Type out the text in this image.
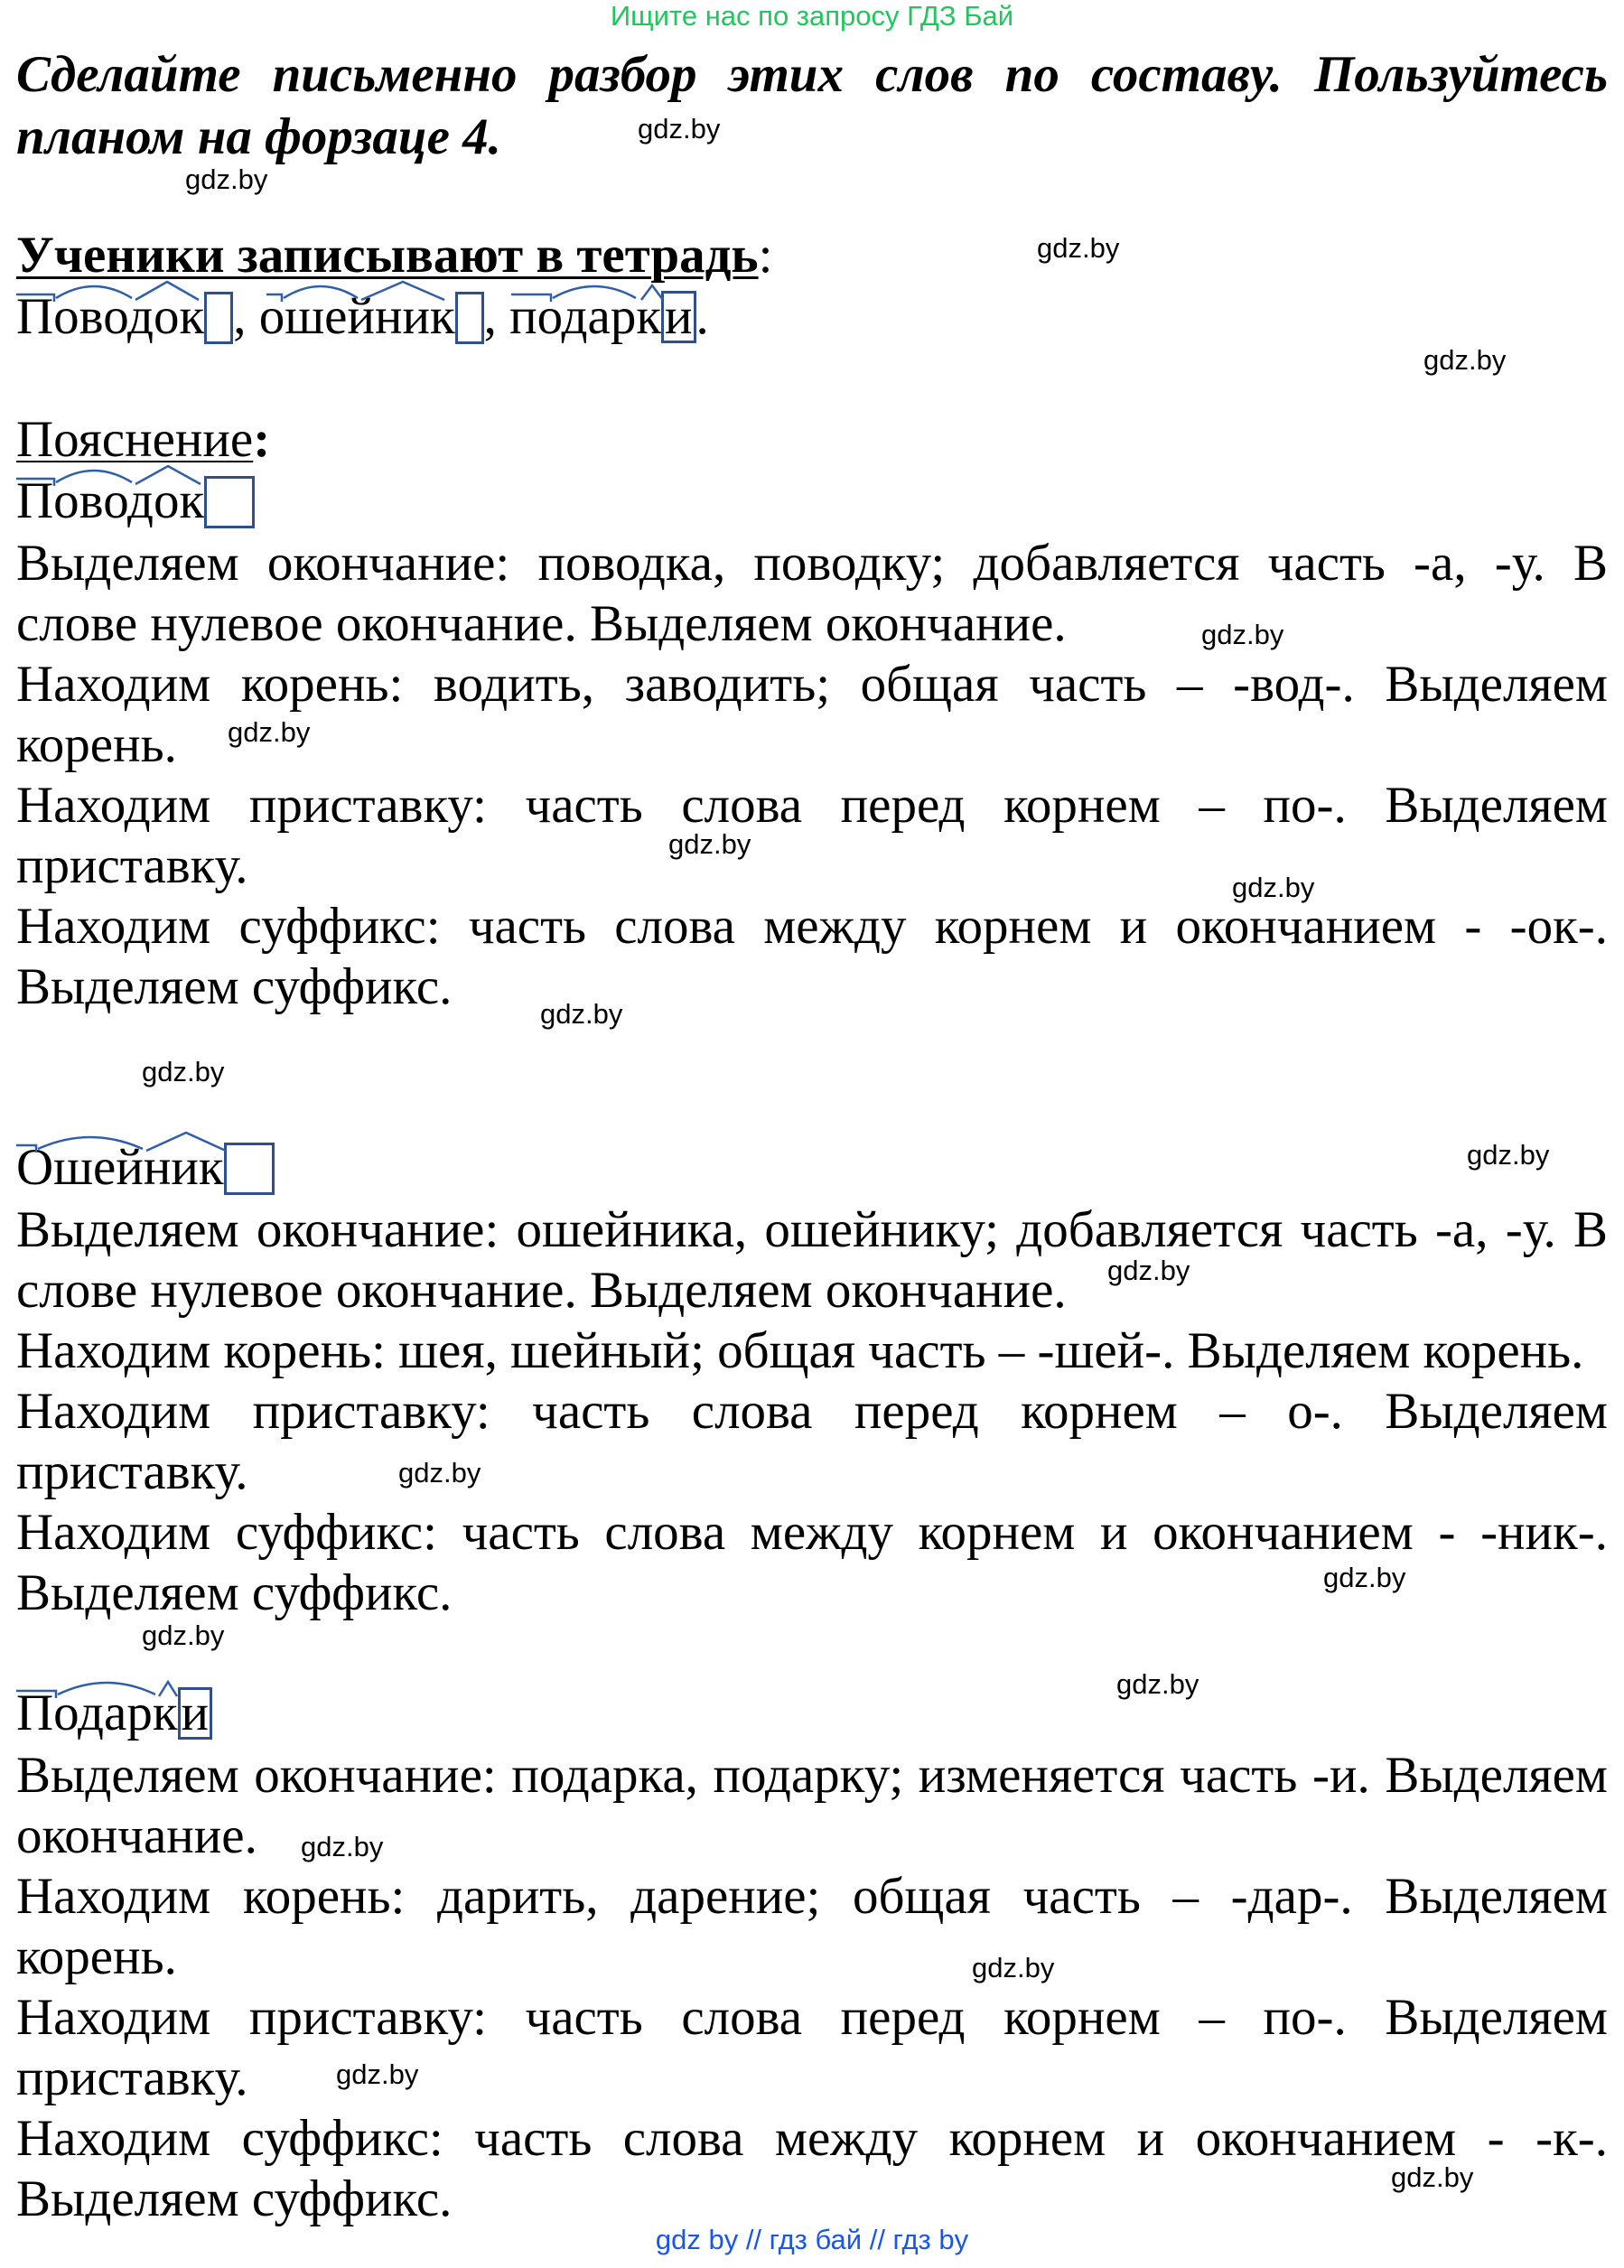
Ищите нас по запросу ГДЗ Бай
Сделайте письменно разбор этих слов по составу. Пользуйтесь планом на форзаце 4.
Ученики записывают в тетрадь:
Поводок , ошейник , подарки.
Пояснение:
Поводок

Выделяем окончание: поводка, поводку; добавляется часть -а, -у. В слове нулевое окончание. Выделяем окончание.

Находим корень: водить, заводить; общая часть – -вод-. Выделяем корень.

Находим приставку: часть слова перед корнем – по-. Выделяем приставку.

Находим суффикс: часть слова между корнем и окончанием - -ок-. Выделяем суффикс.

Ошейник

Выделяем окончание: ошейника, ошейнику; добавляется часть -а, -у. В слове нулевое окончание. Выделяем окончание.

Находим корень: шея, шейный; общая часть – -шей-. Выделяем корень.

Находим приставку: часть слова перед корнем – о-. Выделяем приставку.

Находим суффикс: часть слова между корнем и окончанием - -ник-. Выделяем суффикс.

Подарки

Выделяем окончание: подарка, подарку; изменяется часть -и. Выделяем окончание.

Находим корень: дарить, дарение; общая часть – -дар-. Выделяем корень.

Находим приставку: часть слова перед корнем – по-. Выделяем приставку.

Находим суффикс: часть слова между корнем и окончанием - -к-. Выделяем суффикс.

gdz.by
gdz.by
gdz.by
gdz.by
gdz.by
gdz.by
gdz.by
gdz.by
gdz.by
gdz.by
gdz.by
gdz.by
gdz.by
gdz.by
gdz.by
gdz.by
gdz.by
gdz.by
gdz.by
gdz.by
gdz by // гдз бай // гдз by
